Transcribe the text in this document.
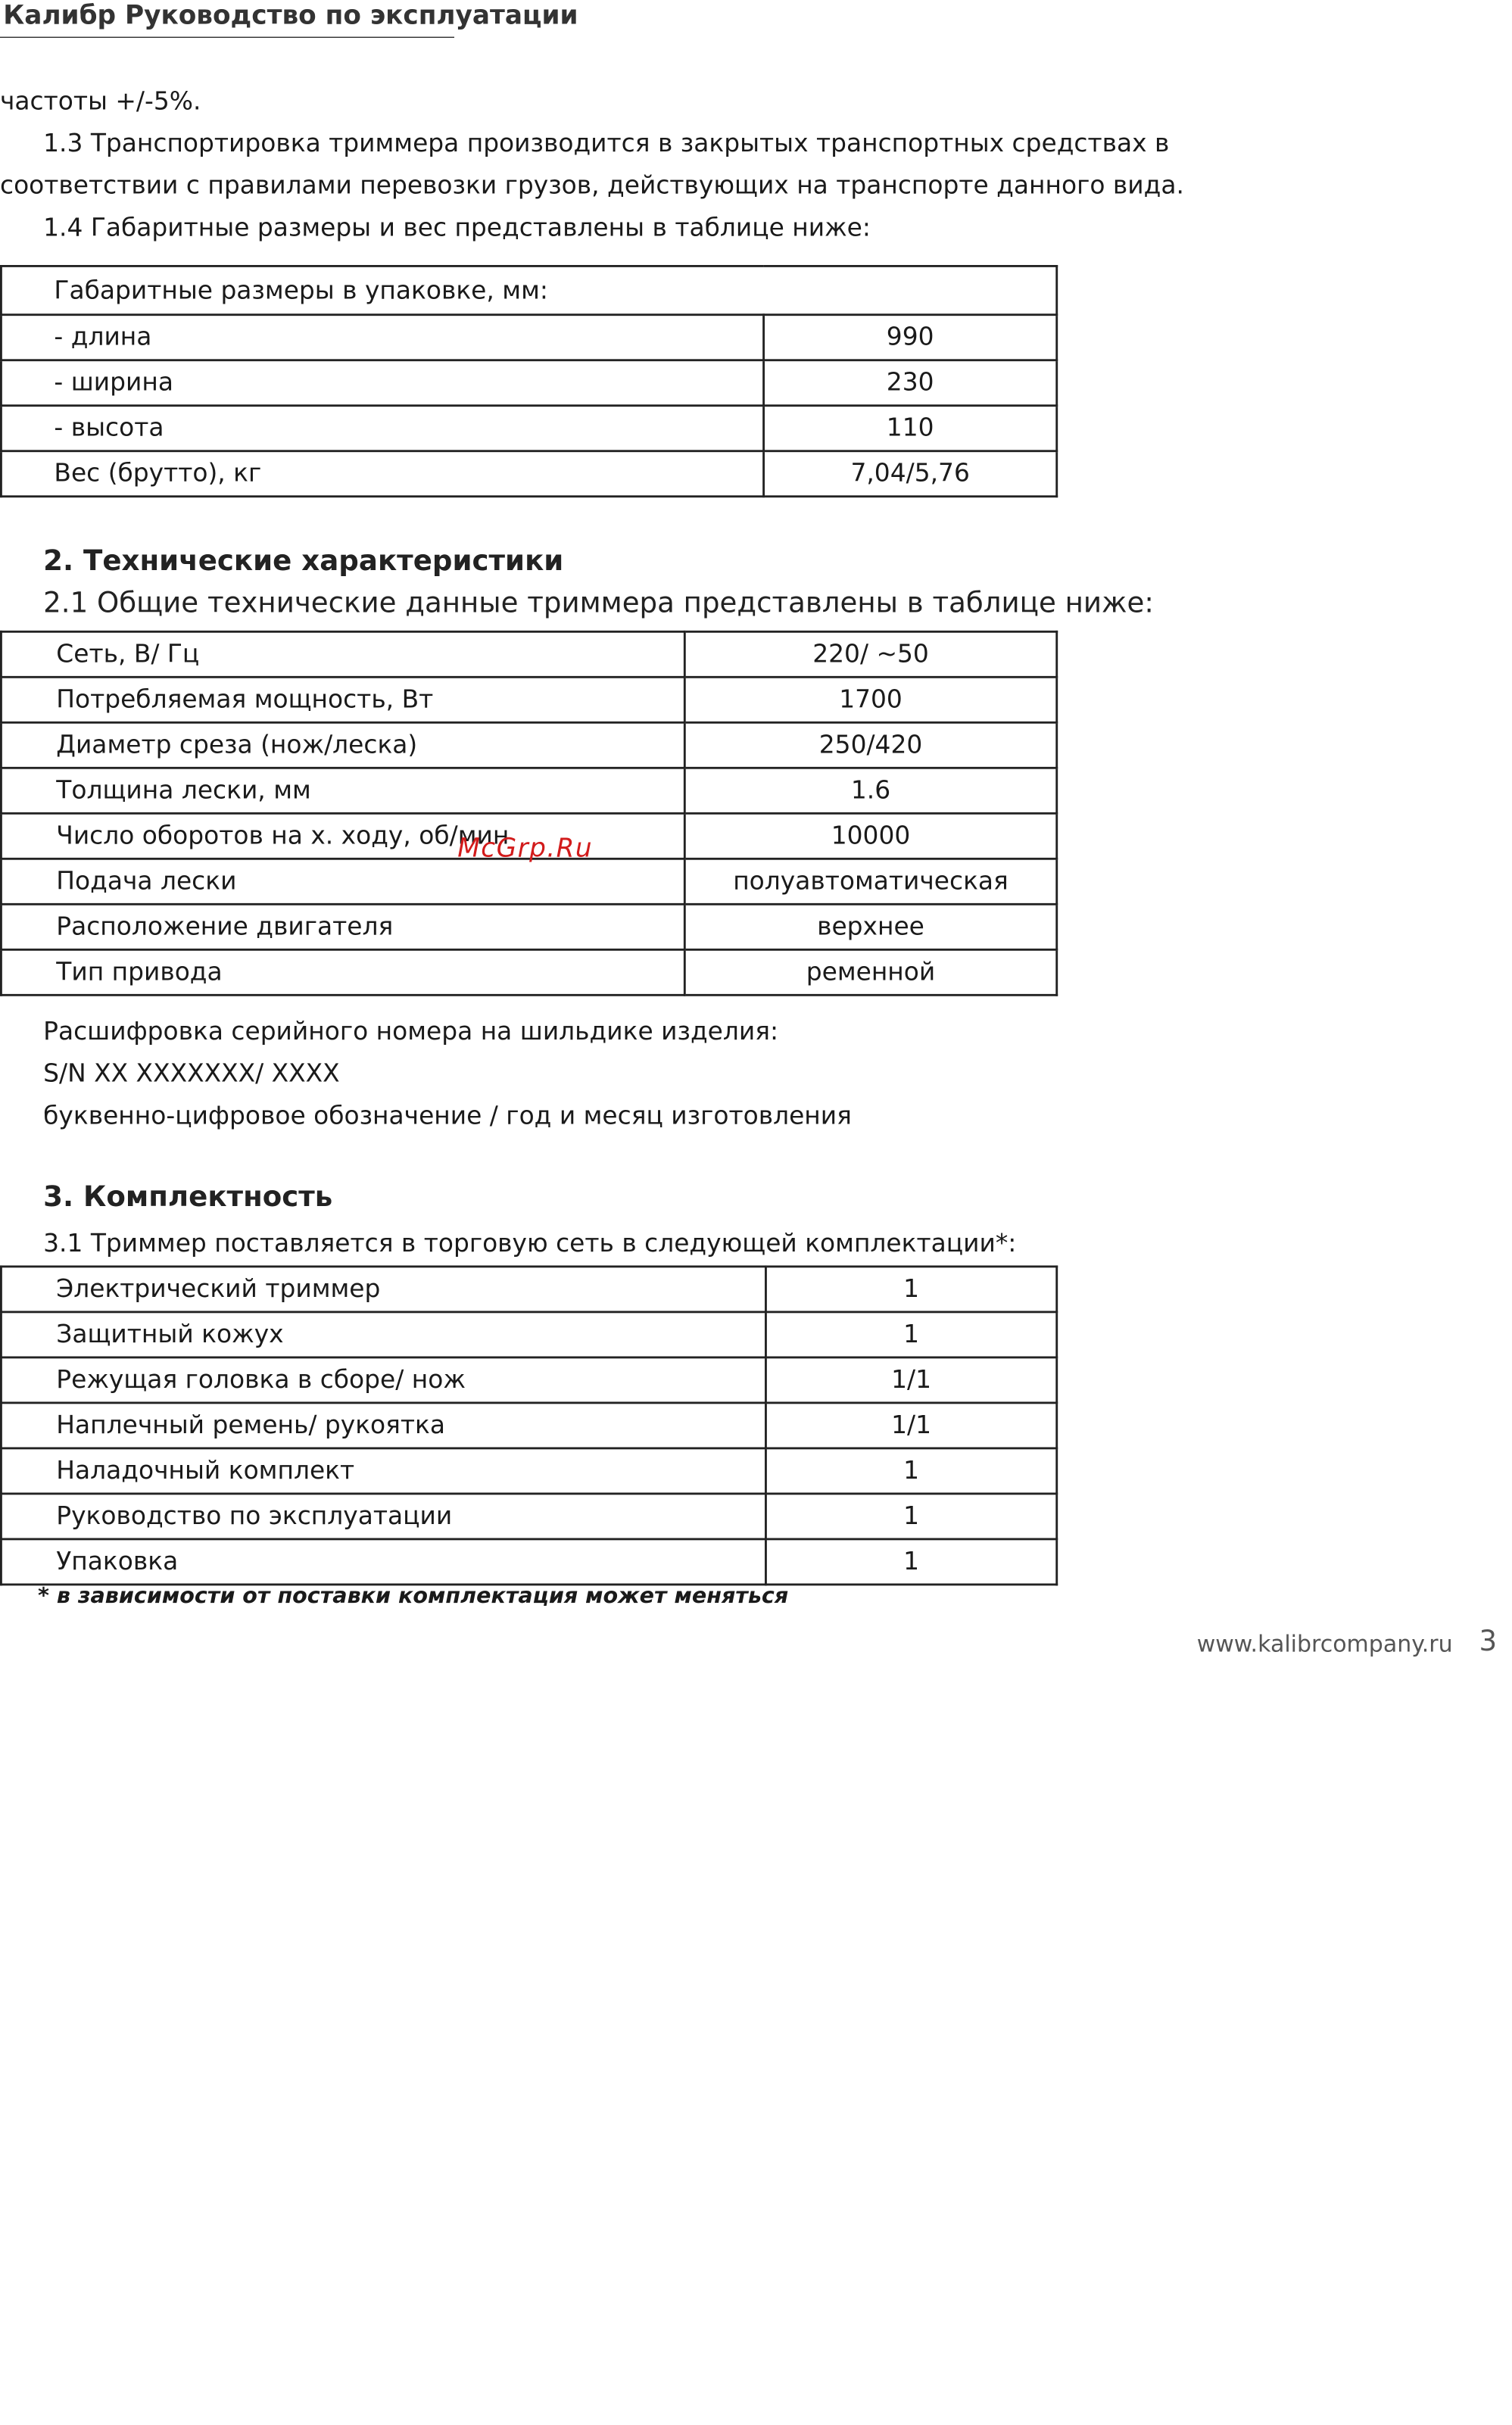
Калибр Руководство по эксплуатации
частоты +/-5%.
1.3 Транспортировка триммера производится в закрытых транспортных средствах в
соответствии с правилами перевозки грузов, действующих на транспорте данного вида.
1.4 Габаритные размеры и вес представлены в таблице ниже:
Габаритные размеры в упаковке, мм:	
- длина	990
- ширина	230
- высота	110
Вес (брутто), кг	7,04/5,76
2. Технические характеристики
2.1 Общие технические данные триммера представлены в таблице ниже:
Сеть, В/ Гц	220/ ~50
Потребляемая мощность, Вт	1700
Диаметр среза (нож/леска)	250/420
Толщина лески, мм	1.6
Число оборотов на х. ходу, об/мин	10000
Подача лески	полуавтоматическая
Расположение двигателя	верхнее
Тип привода	ременной
McGrp.Ru
Расшифровка серийного номера на шильдике изделия:
S/N XX XXXXXXX/ XXXX
буквенно-цифровое обозначение / год и месяц изготовления
3. Комплектность
3.1 Триммер поставляется в торговую сеть в следующей комплектации*:
Электрический триммер	1
Защитный кожух	1
Режущая головка в сборе/ нож	1/1
Наплечный ремень/ рукоятка	1/1
Наладочный комплект	1
Руководство по эксплуатации	1
Упаковка	1
* в зависимости от поставки комплектация может меняться
www.kalibrcompany.ru 3
